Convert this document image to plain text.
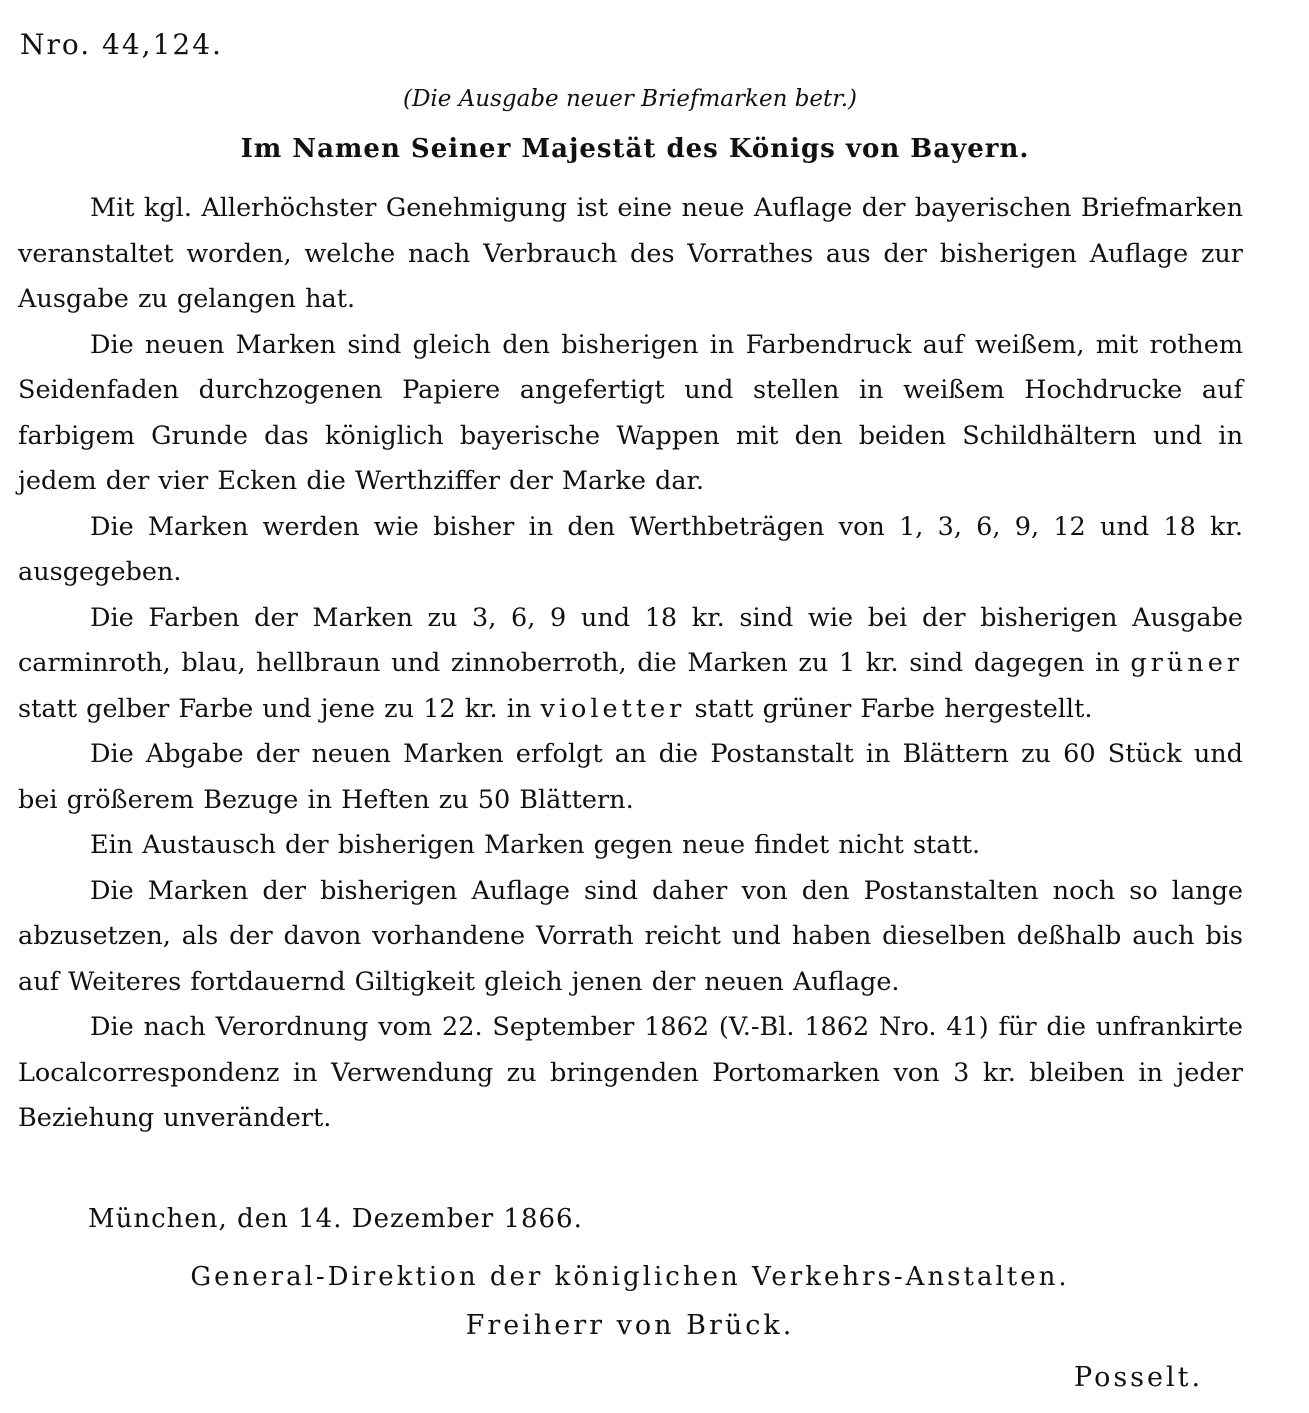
Nro. 44,124.
(Die Ausgabe neuer Briefmarken betr.)
Im Namen Seiner Majestät des Königs von Bayern.

Mit kgl. Allerhöchster Genehmigung ist eine neue Auflage der bayerischen Briefmarken veranstaltet worden, welche nach Verbrauch des Vorrathes aus der bisherigen Auflage zur Ausgabe zu gelangen hat.

Die neuen Marken sind gleich den bisherigen in Farbendruck auf weißem, mit rothem Seidenfaden durchzogenen Papiere angefertigt und stellen in weißem Hochdrucke auf farbigem Grunde das königlich bayerische Wappen mit den beiden Schildhältern und in jedem der vier Ecken die Werthziffer der Marke dar.

Die Marken werden wie bisher in den Werthbeträgen von 1, 3, 6, 9, 12 und 18 kr. ausgegeben.

Die Farben der Marken zu 3, 6, 9 und 18 kr. sind wie bei der bisherigen Ausgabe carminroth, blau, hellbraun und zinnoberroth, die Marken zu 1 kr. sind dagegen in grüner statt gelber Farbe und jene zu 12 kr. in violetter statt grüner Farbe hergestellt.

Die Abgabe der neuen Marken erfolgt an die Postanstalt in Blättern zu 60 Stück und bei größerem Bezuge in Heften zu 50 Blättern.

Ein Austausch der bisherigen Marken gegen neue findet nicht statt.

Die Marken der bisherigen Auflage sind daher von den Postanstalten noch so lange abzusetzen, als der davon vorhandene Vorrath reicht und haben dieselben deßhalb auch bis auf Weiteres fortdauernd Giltigkeit gleich jenen der neuen Auflage.

Die nach Verordnung vom 22. September 1862 (V.-Bl. 1862 Nro. 41) für die unfrankirte Localcorrespondenz in Verwendung zu bringenden Portomarken von 3 kr. bleiben in jeder Beziehung unverändert.

München, den 14. Dezember 1866.
General-Direktion der königlichen Verkehrs-Anstalten.
Freiherr von Brück.
Posselt.
